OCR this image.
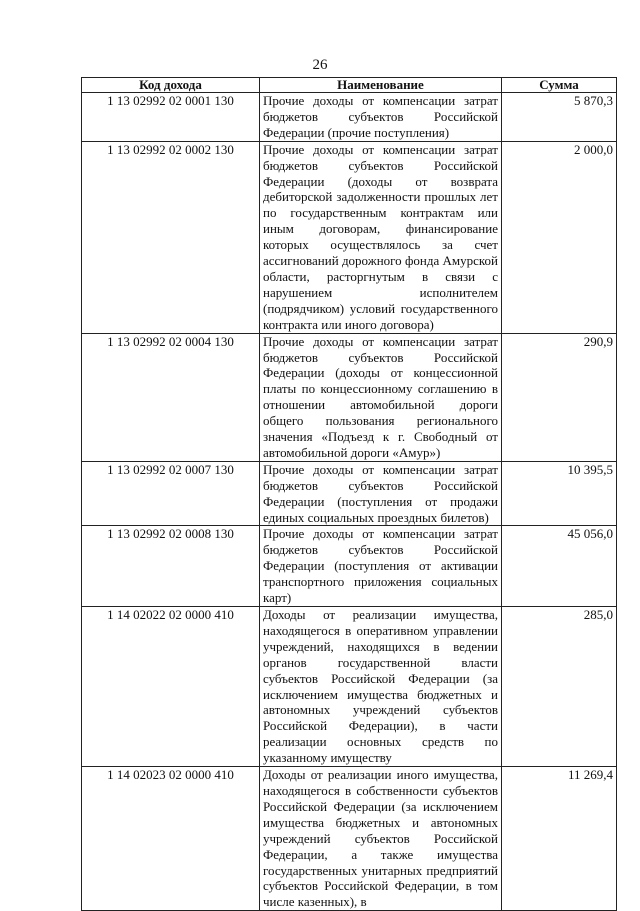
26
Код дохода	Наименование	Сумма
1 13 02992 02 0001 130	Прочие доходы от компенсации затрат бюджетов субъектов Российской Федерации (прочие поступления)	5 870,3
1 13 02992 02 0002 130	Прочие доходы от компенсации затрат бюджетов субъектов Российской Федерации (доходы от возврата дебиторской задолженности прошлых лет по государственным контрактам или иным договорам, финансирование которых осуществлялось за счет ассигнований дорожного фонда Амурской области, расторгнутым в связи с нарушением исполнителем (подрядчиком) условий государственного контракта или иного договора)	2 000,0
1 13 02992 02 0004 130	Прочие доходы от компенсации затрат бюджетов субъектов Российской Федерации (доходы от концессионной платы по концессионному соглашению в отношении автомобильной дороги общего пользования регионального значения «Подъезд к г. Свободный от автомобильной дороги «Амур»)	290,9
1 13 02992 02 0007 130	Прочие доходы от компенсации затрат бюджетов субъектов Российской Федерации (поступления от продажи единых социальных проездных билетов)	10 395,5
1 13 02992 02 0008 130	Прочие доходы от компенсации затрат бюджетов субъектов Российской Федерации (поступления от активации транспортного приложения социальных карт)	45 056,0
1 14 02022 02 0000 410	Доходы от реализации имущества, находящегося в оперативном управлении учреждений, находящихся в ведении органов государственной власти субъектов Российской Федерации (за исключением имущества бюджетных и автономных учреждений субъектов Российской Федерации), в части реализации основных средств по указанному имуществу	285,0
1 14 02023 02 0000 410	Доходы от реализации иного имущества, находящегося в собственности субъектов Российской Федерации (за исключением имущества бюджетных и автономных учреждений субъектов Российской Федерации, а также имущества государственных унитарных предприятий субъектов Российской Федерации, в том числе казенных), в	11 269,4
